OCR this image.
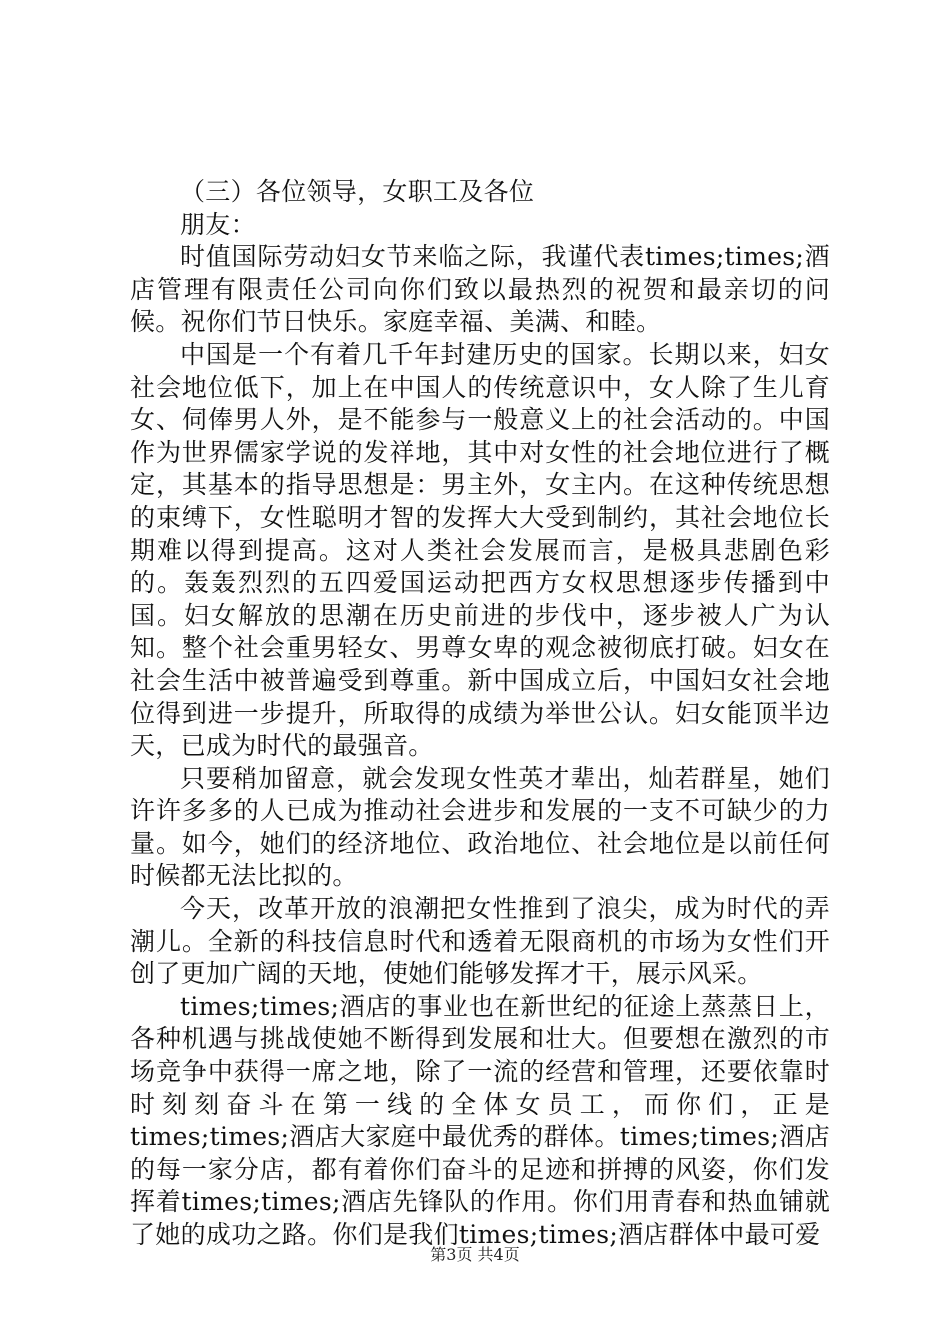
（三）各位领导，女职工及各位

朋友：

时值国际劳动妇女节来临之际，我谨代表times;times;酒店管理有限责任公司向你们致以最热烈的祝贺和最亲切的问候。祝你们节日快乐。家庭幸福、美满、和睦。

中国是一个有着几千年封建历史的国家。长期以来，妇女社会地位低下，加上在中国人的传统意识中，女人除了生儿育女、伺俸男人外，是不能参与一般意义上的社会活动的。中国作为世界儒家学说的发祥地，其中对女性的社会地位进行了概定，其基本的指导思想是：男主外，女主内。在这种传统思想的束缚下，女性聪明才智的发挥大大受到制约，其社会地位长期难以得到提高。这对人类社会发展而言，是极具悲剧色彩的。轰轰烈烈的五四爱国运动把西方女权思想逐步传播到中国。妇女解放的思潮在历史前进的步伐中，逐步被人广为认知。整个社会重男轻女、男尊女卑的观念被彻底打破。妇女在社会生活中被普遍受到尊重。新中国成立后，中国妇女社会地位得到进一步提升，所取得的成绩为举世公认。妇女能顶半边天，已成为时代的最强音。

只要稍加留意，就会发现女性英才辈出，灿若群星，她们许许多多的人已成为推动社会进步和发展的一支不可缺少的力量。如今，她们的经济地位、政治地位、社会地位是以前任何时候都无法比拟的。

今天，改革开放的浪潮把女性推到了浪尖，成为时代的弄潮儿。全新的科技信息时代和透着无限商机的市场为女性们开创了更加广阔的天地，使她们能够发挥才干，展示风采。

times;times;酒店的事业也在新世纪的征途上蒸蒸日上，各种机遇与挑战使她不断得到发展和壮大。但要想在激烈的市场竞争中获得一席之地，除了一流的经营和管理，还要依靠时时刻刻奋斗在第一线的全体女员工，而你们，正是times;times;酒店大家庭中最优秀的群体。times;times;酒店的每一家分店，都有着你们奋斗的足迹和拼搏的风姿，你们发挥着times;times;酒店先锋队的作用。你们用青春和热血铺就了她的成功之路。你们是我们times;times;酒店群体中最可爱

第3页 共4页
